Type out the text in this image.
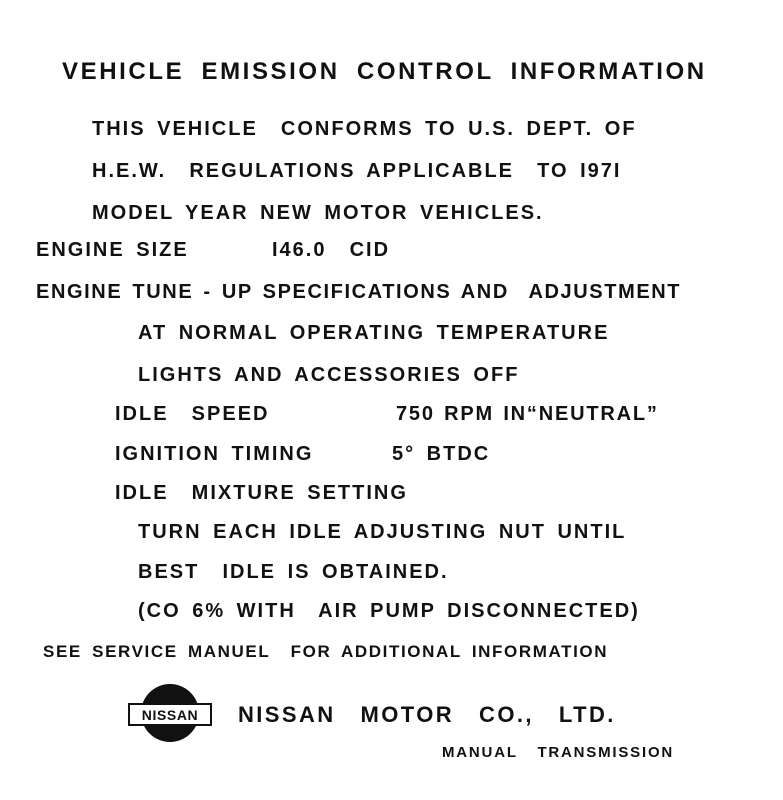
VEHICLE EMISSION CONTROL INFORMATION
THIS VEHICLE  CONFORMS TO U.S. DEPT. OF
H.E.W.  REGULATIONS APPLICABLE  TO I97I
MODEL YEAR NEW MOTOR VEHICLES.
ENGINE SIZE	I46.0  CID
ENGINE TUNE - UP SPECIFICATIONS AND  ADJUSTMENT
AT NORMAL OPERATING TEMPERATURE
LIGHTS AND ACCESSORIES OFF
IDLE  SPEED	750 RPM IN“NEUTRAL”
IGNITION TIMING	5° BTDC
IDLE  MIXTURE SETTING
TURN EACH IDLE ADJUSTING NUT UNTIL
BEST  IDLE IS OBTAINED.
(CO 6% WITH  AIR PUMP DISCONNECTED)
SEE SERVICE MANUEL  FOR ADDITIONAL INFORMATION
NISSAN NISSAN  MOTOR  CO.,  LTD.
MANUAL  TRANSMISSION
